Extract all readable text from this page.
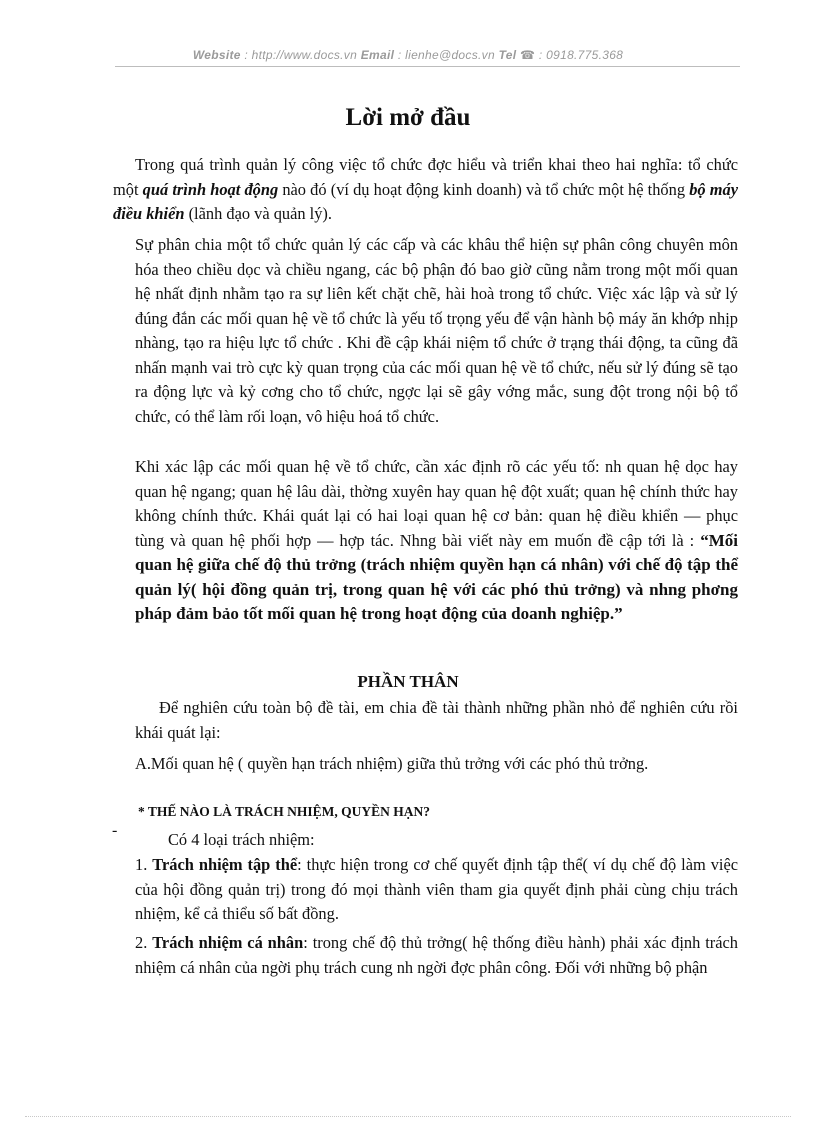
Website : http://www.docs.vn Email : lienhe@docs.vn Tel ☎ : 0918.775.368
Lời mở đầu
Trong quá trình quản lý công việc tổ chức đợc hiểu và triển khai theo hai nghĩa: tổ chức một quá trình hoạt động nào đó (ví dụ hoạt động kinh doanh) và tổ chức một hệ thống bộ máy điều khiển (lãnh đạo và quản lý).
Sự phân chia một tổ chức quản lý các cấp và các khâu thể hiện sự phân công chuyên môn hóa theo chiều dọc và chiều ngang, các bộ phận đó bao giờ cũng nằm trong một mối quan hệ nhất định nhằm tạo ra sự liên kết chặt chẽ, hài hoà trong tổ chức. Việc xác lập và sử lý đúng đắn các mối quan hệ về tổ chức là yếu tố trọng yếu để vận hành bộ máy ăn khớp nhịp nhàng, tạo ra hiệu lực tổ chức . Khi đề cập khái niệm tổ chức ở trạng thái động, ta cũng đã nhấn mạnh vai trò cực kỳ quan trọng của các mối quan hệ về tổ chức, nếu sử lý đúng sẽ tạo ra động lực và kỷ cơng cho tổ chức, ngợc lại sẽ gây vớng mắc, sung đột trong nội bộ tổ chức, có thể làm rối loạn, vô hiệu hoá tổ chức.
Khi xác lập các mối quan hệ về tổ chức, cần xác định rõ các yếu tố: nh quan hệ dọc hay quan hệ ngang; quan hệ lâu dài, thờng xuyên hay quan hệ đột xuất; quan hệ chính thức hay không chính thức. Khái quát lại có hai loại quan hệ cơ bản: quan hệ điều khiển — phục tùng và quan hệ phối hợp — hợp tác. Nhng bài viết này em muốn đề cập tới là : “Mối quan hệ giữa chế độ thủ trởng (trách nhiệm quyền hạn cá nhân) với chế độ tập thể quản lý( hội đồng quản trị, trong quan hệ với các phó thủ trởng) và nhng phơng pháp đảm bảo tốt mối quan hệ trong hoạt động của doanh nghiệp.”
PHẦN THÂN
Để nghiên cứu toàn bộ đề tài, em chia đề tài thành những phần nhỏ để nghiên cứu rồi khái quát lại:
A.Mối quan hệ ( quyền hạn trách nhiệm) giữa thủ trởng với các phó thủ trởng.
* THẾ NÀO LÀ TRÁCH NHIỆM, QUYỀN HẠN?
-	Có 4 loại trách nhiệm:
1. Trách nhiệm tập thể: thực hiện trong cơ chế quyết định tập thể( ví dụ chế độ làm việc của hội đồng quản trị) trong đó mọi thành viên tham gia quyết định phải cùng chịu trách nhiệm, kể cả thiểu số bất đồng.
2. Trách nhiệm cá nhân: trong chế độ thủ trởng( hệ thống điều hành) phải xác định trách nhiệm cá nhân của ngời phụ trách cung nh ngời đợc phân công. Đối với những bộ phận
